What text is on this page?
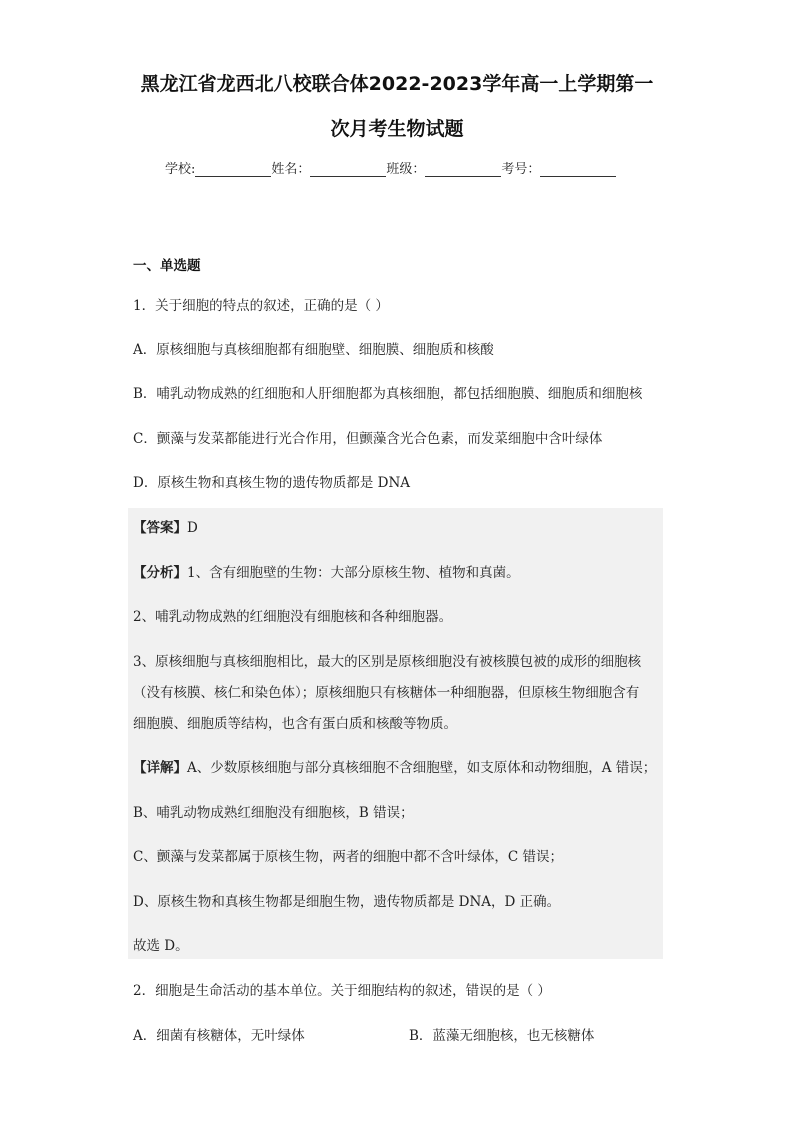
黑龙江省龙西北八校联合体2022-2023学年高一上学期第一
次月考生物试题
学校:	姓名：	班级：	考号：
一、单选题
1．关于细胞的特点的叙述，正确的是（ ）
A．原核细胞与真核细胞都有细胞壁、细胞膜、细胞质和核酸
B．哺乳动物成熟的红细胞和人肝细胞都为真核细胞，都包括细胞膜、细胞质和细胞核
C．颤藻与发菜都能进行光合作用，但颤藻含光合色素，而发菜细胞中含叶绿体
D．原核生物和真核生物的遗传物质都是 DNA
【答案】D
【分析】1、含有细胞壁的生物：大部分原核生物、植物和真菌。
2、哺乳动物成熟的红细胞没有细胞核和各种细胞器。
3、原核细胞与真核细胞相比，最大的区别是原核细胞没有被核膜包被的成形的细胞核
（没有核膜、核仁和染色体）；原核细胞只有核糖体一种细胞器，但原核生物细胞含有
细胞膜、细胞质等结构，也含有蛋白质和核酸等物质。
【详解】A、少数原核细胞与部分真核细胞不含细胞壁，如支原体和动物细胞，A 错误；
B、哺乳动物成熟红细胞没有细胞核，B 错误；
C、颤藻与发菜都属于原核生物，两者的细胞中都不含叶绿体，C 错误；
D、原核生物和真核生物都是细胞生物，遗传物质都是 DNA，D 正确。
故选 D。
2．细胞是生命活动的基本单位。关于细胞结构的叙述，错误的是（ ）
A．细菌有核糖体，无叶绿体	B．蓝藻无细胞核，也无核糖体
